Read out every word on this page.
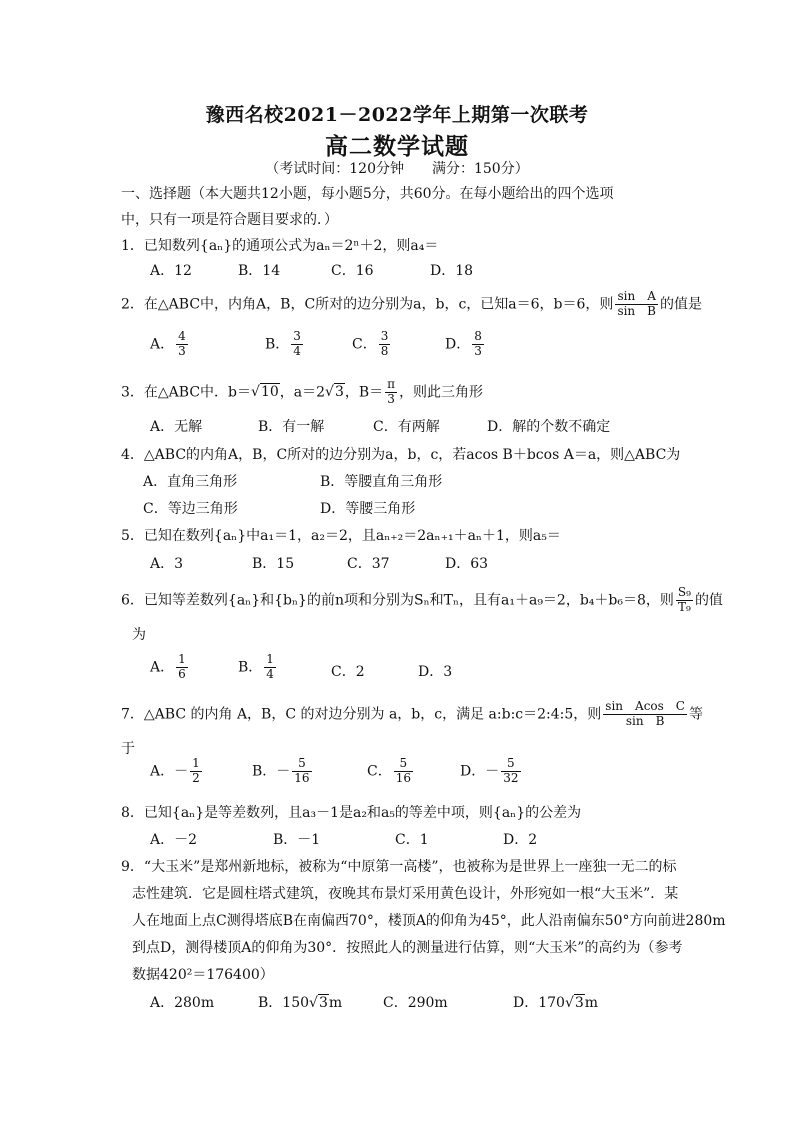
豫西名校2021－2022学年上期第一次联考
高二数学试题
（考试时间：120分钟　　满分：150分）
一、选择题（本大题共12小题，每小题5分，共60分。在每小题给出的四个选项
中，只有一项是符合题目要求的．）
1．已知数列{aₙ}的通项公式为aₙ＝2ⁿ＋2，则a₄＝
A．12	B．14	C．16	D．18
2．在△ABC中，内角A，B，C所对的边分别为a，b，c，已知a＝6，b＝6，则 $\frac{\text{sin　A}}{\text{sin　B}}$ 的值是
A． $\frac{4}{3}$	B． $\frac{3}{4}$	C． $\frac{3}{8}$	D． $\frac{8}{3}$
3．在△ABC中．b＝√10，a＝2√3，$B= \frac{\pi}{3}$ ，则此三角形
A．无解	B．有一解	C．有两解	D．解的个数不确定
4．△ABC的内角A，B，C所对的边分别为a，b，c，若acos B＋bcos A＝a，则△ABC为
A．直角三角形	B．等腰直角三角形
C．等边三角形	D．等腰三角形
5．已知在数列{aₙ}中a₁＝1，a₂＝2，且aₙ₊₂＝2aₙ₊₁＋aₙ＋1，则a₅＝
A．3	B．15	C．37	D．63
6．已知等差数列{aₙ}和{bₙ}的前n项和分别为Sₙ和Tₙ，且有a₁＋a₉＝2，b₄＋b₆＝8，则 $\frac{\text{S₉}}{\text{T₉}}$ 的值
为
A． $\frac{1}{6}$	B． $\frac{1}{4}$	C．2	D．3
7．△ABC 的内角 A，B，C 的对边分别为 a，b，c，满足 a:b:c＝2:4:5，则 $\frac{\text{sin　Acos　C}}{\text{sin　B}}$ 等
于
A．－ $\frac{1}{2}$	B．－ $\frac{5}{16}$	C． $\frac{5}{16}$	D．－ $\frac{5}{32}$
8．已知{aₙ}是等差数列，且a₃－1是a₂和a₅的等差中项，则{aₙ}的公差为
A．－2	B．－1	C．1	D．2
9．“大玉米”是郑州新地标，被称为“中原第一高楼”，也被称为是世界上一座独一无二的标
志性建筑．它是圆柱塔式建筑，夜晚其布景灯采用黄色设计，外形宛如一根“大玉米”．某
人在地面上点C测得塔底B在南偏西70°，楼顶A的仰角为45°，此人沿南偏东50°方向前进280m
到点D，测得楼顶A的仰角为30°．按照此人的测量进行估算，则“大玉米”的高约为（参考
数据420²＝176400）
A．280m	B．150√3m	C．290m	D．170√3m
